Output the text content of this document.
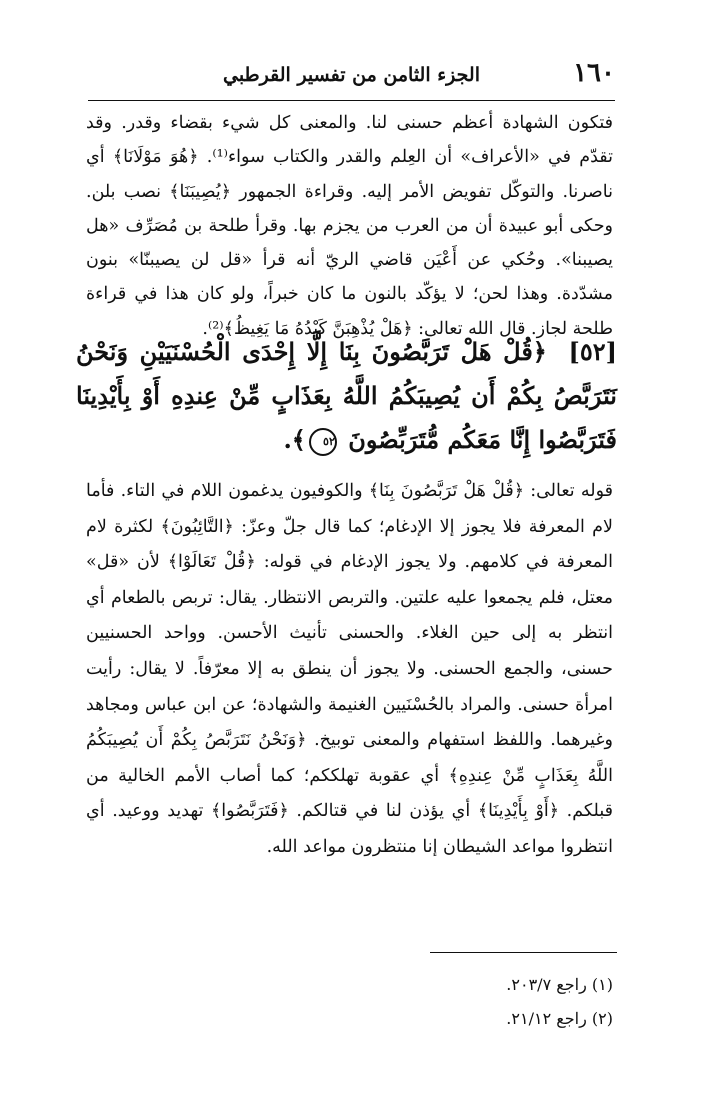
١٦٠
الجزء الثامن من تفسير القرطبي
فتكون الشهادة أعظم حسنى لنا. والمعنى كل شيء بقضاء وقدر. وقد تقدّم في «الأعراف» أن العِلم والقدر والكتاب سواء⁽¹⁾. ﴿هُوَ مَوْلَانَا﴾ أي ناصرنا. والتوكّل تفويض الأمر إليه. وقراءة الجمهور ﴿يُصِيبَنَا﴾ نصب بلن. وحكى أبو عبيدة أن من العرب من يجزم بها. وقرأ طلحة بن مُصَرِّف «هل يصيبنا». وحُكي عن أَعْيَن قاضي الريّ أنه قرأ «قل لن يصيبنّا» بنون مشدّدة. وهذا لحن؛ لا يؤكّد بالنون ما كان خبراً، ولو كان هذا في قراءة طلحة لجاز. قال الله تعالى: ﴿هَلْ يُذْهِبَنَّ كَيْدُهُ مَا يَغِيظُ﴾⁽²⁾.
[٥٢] ﴿قُلْ هَلْ تَرَبَّصُونَ بِنَا إِلَّا إِحْدَى الْحُسْنَيَيْنِ وَنَحْنُ نَتَرَبَّصُ بِكُمْ أَن يُصِيبَكُمُ اللَّهُ بِعَذَابٍ مِّنْ عِندِهِ أَوْ بِأَيْدِينَا فَتَرَبَّصُوا إِنَّا مَعَكُم مُّتَرَبِّصُونَ ٥٢﴾.
قوله تعالى: ﴿قُلْ هَلْ تَرَبَّصُونَ بِنَا﴾ والكوفيون يدغمون اللام في التاء. فأما لام المعرفة فلا يجوز إلا الإدغام؛ كما قال جلّ وعزّ: ﴿التَّائِبُونَ﴾ لكثرة لام المعرفة في كلامهم. ولا يجوز الإدغام في قوله: ﴿قُلْ تَعَالَوْا﴾ لأن «قل» معتل، فلم يجمعوا عليه علتين. والتربص الانتظار. يقال: تربص بالطعام أي انتظر به إلى حين الغلاء. والحسنى تأنيث الأحسن. وواحد الحسنيين حسنى، والجمع الحسنى. ولا يجوز أن ينطق به إلا معرّفاً. لا يقال: رأيت امرأة حسنى. والمراد بالحُسْنَيين الغنيمة والشهادة؛ عن ابن عباس ومجاهد وغيرهما. واللفظ استفهام والمعنى توبيخ. ﴿وَنَحْنُ نَتَرَبَّصُ بِكُمْ أَن يُصِيبَكُمُ اللَّهُ بِعَذَابٍ مِّنْ عِندِهِ﴾ أي عقوبة تهلككم؛ كما أصاب الأمم الخالية من قبلكم. ﴿أَوْ بِأَيْدِينَا﴾ أي يؤذن لنا في قتالكم. ﴿فَتَرَبَّصُوا﴾ تهديد ووعيد. أي انتظروا مواعد الشيطان إنا منتظرون مواعد الله.
(١) راجع ٢٠٣/٧.
(٢) راجع ٢١/١٢.
